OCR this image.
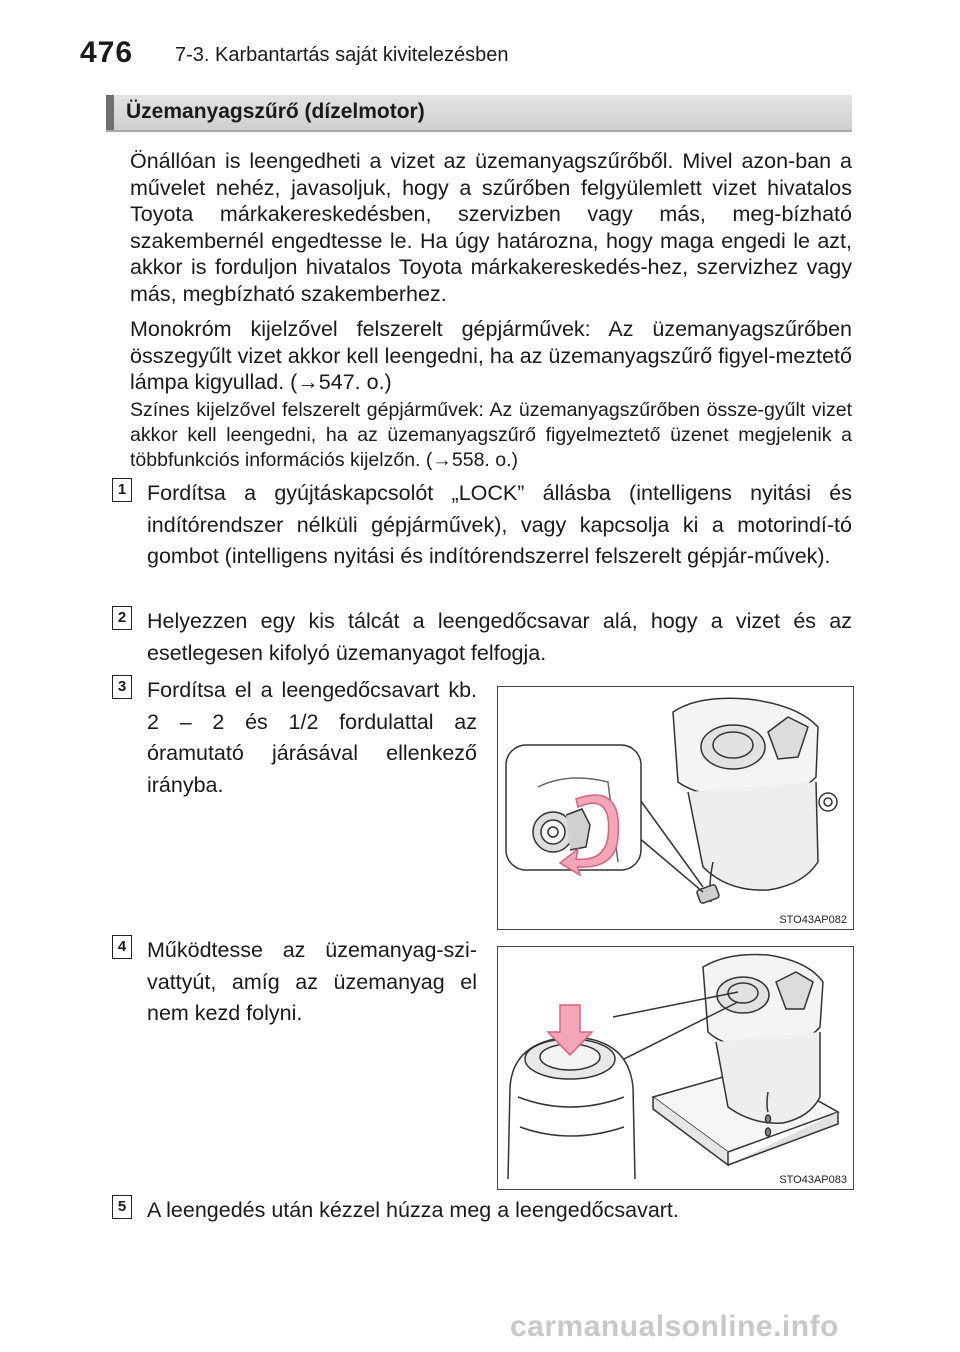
476 7-3. Karbantartás saját kivitelezésben
Üzemanyagszűrő (dízelmotor)
Önállóan is leengedheti a vizet az üzemanyagszűrőből. Mivel azon-ban a művelet nehéz, javasoljuk, hogy a szűrőben felgyülemlett vizet hivatalos Toyota márkakereskedésben, szervizben vagy más, meg-bízható szakembernél engedtesse le. Ha úgy határozna, hogy maga engedi le azt, akkor is forduljon hivatalos Toyota márkakereskedés-hez, szervizhez vagy más, megbízható szakemberhez.
Monokróm kijelzővel felszerelt gépjárművek: Az üzemanyagszűrőben összegyűlt vizet akkor kell leengedni, ha az üzemanyagszűrő figyel-meztető lámpa kigyullad. (→547. o.)
Színes kijelzővel felszerelt gépjárművek: Az üzemanyagszűrőben össze-gyűlt vizet akkor kell leengedni, ha az üzemanyagszűrő figyelmeztető üzenet megjelenik a többfunkciós információs kijelzőn. (→558. o.)
1 Fordítsa a gyújtáskapcsolót „LOCK” állásba (intelligens nyitási és indítórendszer nélküli gépjárművek), vagy kapcsolja ki a motorindí-tó gombot (intelligens nyitási és indítórendszerrel felszerelt gépjár-művek).
2 Helyezzen egy kis tálcát a leengedőcsavar alá, hogy a vizet és az esetlegesen kifolyó üzemanyagot felfogja.
3 Fordítsa el a leengedőcsavart kb. 2 – 2 és 1/2 fordulattal az óramutató járásával ellenkező irányba.
STO43AP082
4 Működtesse az üzemanyag-szi-vattyút, amíg az üzemanyag el nem kezd folyni.
STO43AP083
5 A leengedés után kézzel húzza meg a leengedőcsavart.
carmanualsonline.info
